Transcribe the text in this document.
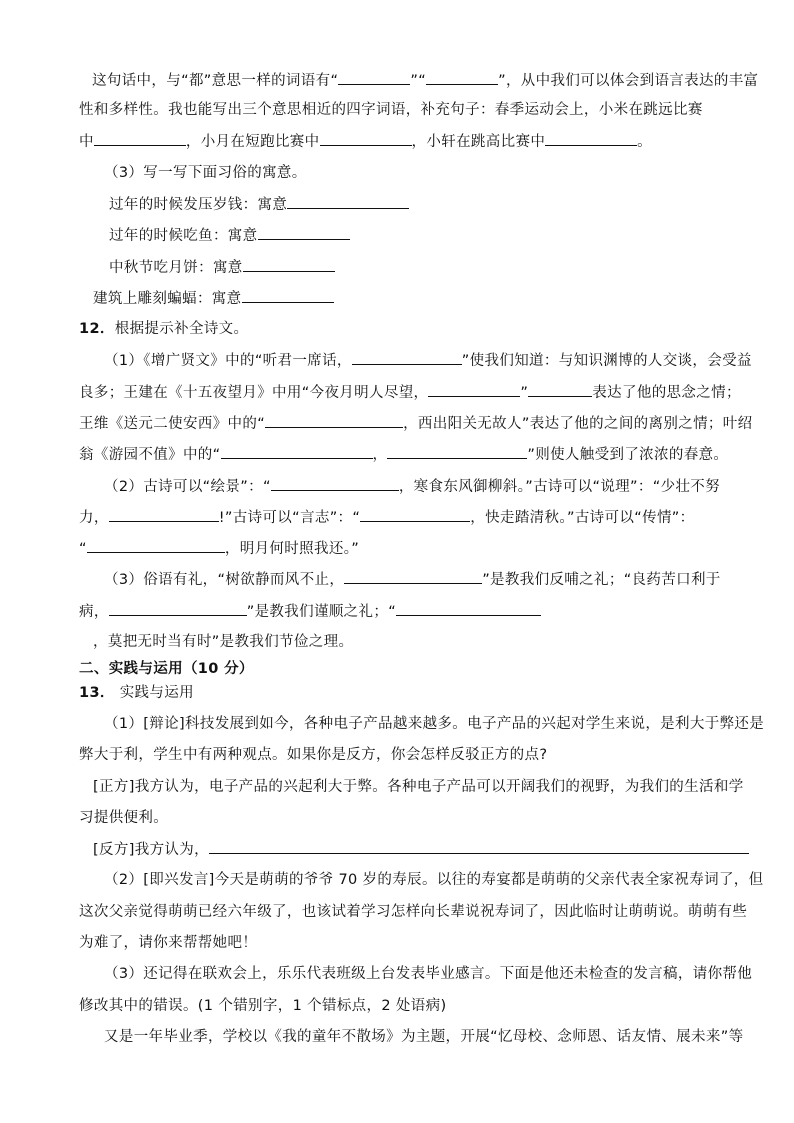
这句话中，与“都”意思一样的词语有“	”“	”，从中我们可以体会到语言表达的丰富
性和多样性。我也能写出三个意思相近的四字词语，补充句子：春季运动会上，小米在跳远比赛
中	，小月在短跑比赛中	，小轩在跳高比赛中	。
（3）写一写下面习俗的寓意。
过年的时候发压岁钱：寓意
过年的时候吃鱼：寓意
中秋节吃月饼：寓意
建筑上雕刻蝙蝠：寓意
12．根据提示补全诗文。
（1）《增广贤文》中的“听君一席话，	”使我们知道：与知识渊博的人交谈，会受益
良多；王建在《十五夜望月》中用“今夜月明人尽望，	”	表达了他的思念之情；
王维《送元二使安西》中的“	，西出阳关无故人”表达了他的之间的离别之情；叶绍
翁《游园不值》中的“	，	”则使人触受到了浓浓的春意。
（2）古诗可以“绘景”：“	，寒食东风御柳斜。”古诗可以“说理”：“少壮不努
力，	!”古诗可以“言志”：“	，快走踏清秋。”古诗可以“传情”：
“	，明月何时照我还。”
（3）俗语有礼，“树欲静而风不止，	”是教我们反哺之礼；“良药苦口利于
病，	”是教我们谨顺之礼；“
，莫把无时当有时”是教我们节俭之理。
二、实践与运用（10 分）
13． 实践与运用
（1）[辩论]科技发展到如今，各种电子产品越来越多。电子产品的兴起对学生来说，是利大于弊还是
弊大于利，学生中有两种观点。如果你是反方，你会怎样反驳正方的点?
[正方]我方认为，电子产品的兴起利大于弊。各种电子产品可以开阔我们的视野，为我们的生活和学
习提供便利。
[反方]我方认为，
（2）[即兴发言]今天是萌萌的爷爷 70 岁的寿辰。以往的寿宴都是萌萌的父亲代表全家祝寿词了，但
这次父亲觉得萌萌已经六年级了，也该试着学习怎样向长辈说祝寿词了，因此临时让萌萌说。萌萌有些
为难了，请你来帮帮她吧！
（3）还记得在联欢会上，乐乐代表班级上台发表毕业感言。下面是他还未检查的发言稿，请你帮他
修改其中的错误。(1 个错别字，1 个错标点，2 处语病)
又是一年毕业季，学校以《我的童年不散场》为主题，开展“忆母校、念师恩、话友情、展未来”等
